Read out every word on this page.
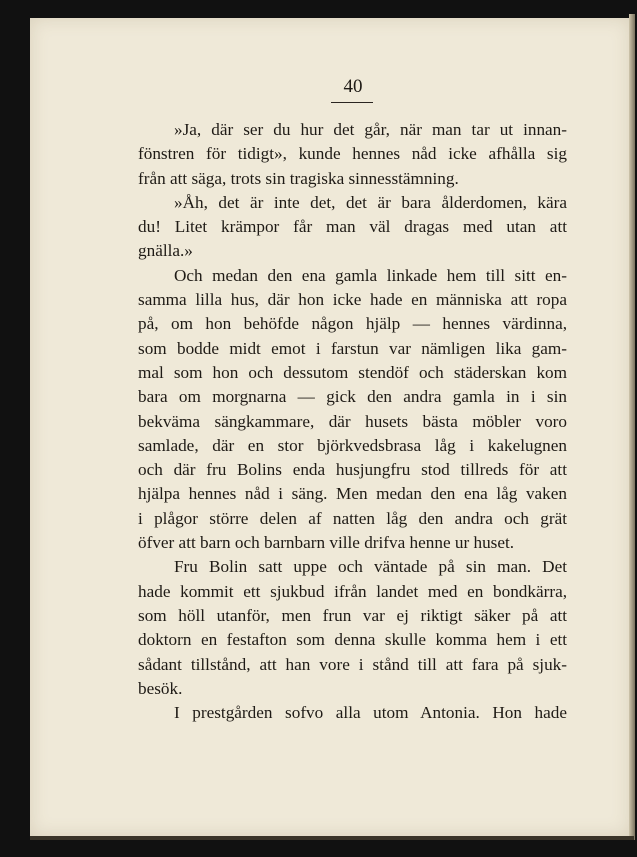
40

»Ja, där ser du hur det går, när man tar ut innan-
fönstren för tidigt», kunde hennes nåd icke afhålla sig
från att säga, trots sin tragiska sinnesstämning.
»Åh, det är inte det, det är bara ålderdomen, kära
du! Litet krämpor får man väl dragas med utan att
gnälla.»
Och medan den ena gamla linkade hem till sitt en-
samma lilla hus, där hon icke hade en människa att ropa
på, om hon behöfde någon hjälp — hennes värdinna,
som bodde midt emot i farstun var nämligen lika gam-
mal som hon och dessutom stendöf och städerskan kom
bara om morgnarna — gick den andra gamla in i sin
bekväma sängkammare, där husets bästa möbler voro
samlade, där en stor björkvedsbrasa låg i kakelugnen
och där fru Bolins enda husjungfru stod tillreds för att
hjälpa hennes nåd i säng. Men medan den ena låg vaken
i plågor större delen af natten låg den andra och grät
öfver att barn och barnbarn ville drifva henne ur huset.
Fru Bolin satt uppe och väntade på sin man. Det
hade kommit ett sjukbud ifrån landet med en bondkärra,
som höll utanför, men frun var ej riktigt säker på att
doktorn en festafton som denna skulle komma hem i ett
sådant tillstånd, att han vore i stånd till att fara på sjuk-
besök.
I prestgården sofvo alla utom Antonia. Hon hade
